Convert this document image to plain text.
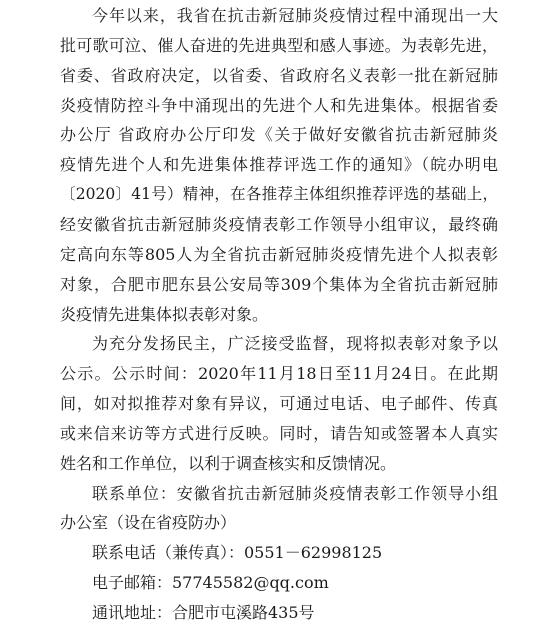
今年以来，我省在抗击新冠肺炎疫情过程中涌现出一大
批可歌可泣、催人奋进的先进典型和感人事迹。为表彰先进，
省委、省政府决定，以省委、省政府名义表彰一批在新冠肺
炎疫情防控斗争中涌现出的先进个人和先进集体。根据省委
办公厅 省政府办公厅印发《关于做好安徽省抗击新冠肺炎
疫情先进个人和先进集体推荐评选工作的通知》（皖办明电
〔2020〕41号）精神，在各推荐主体组织推荐评选的基础上，
经安徽省抗击新冠肺炎疫情表彰工作领导小组审议，最终确
定高向东等805人为全省抗击新冠肺炎疫情先进个人拟表彰
对象，合肥市肥东县公安局等309个集体为全省抗击新冠肺
炎疫情先进集体拟表彰对象。
为充分发扬民主，广泛接受监督，现将拟表彰对象予以
公示。公示时间：2020年11月18日至11月24日。在此期
间，如对拟推荐对象有异议，可通过电话、电子邮件、传真
或来信来访等方式进行反映。同时，请告知或签署本人真实
姓名和工作单位，以利于调查核实和反馈情况。
联系单位：安徽省抗击新冠肺炎疫情表彰工作领导小组
办公室（设在省疫防办）
联系电话（兼传真）：0551－62998125
电子邮箱：57745582@qq.com
通讯地址：合肥市屯溪路435号
